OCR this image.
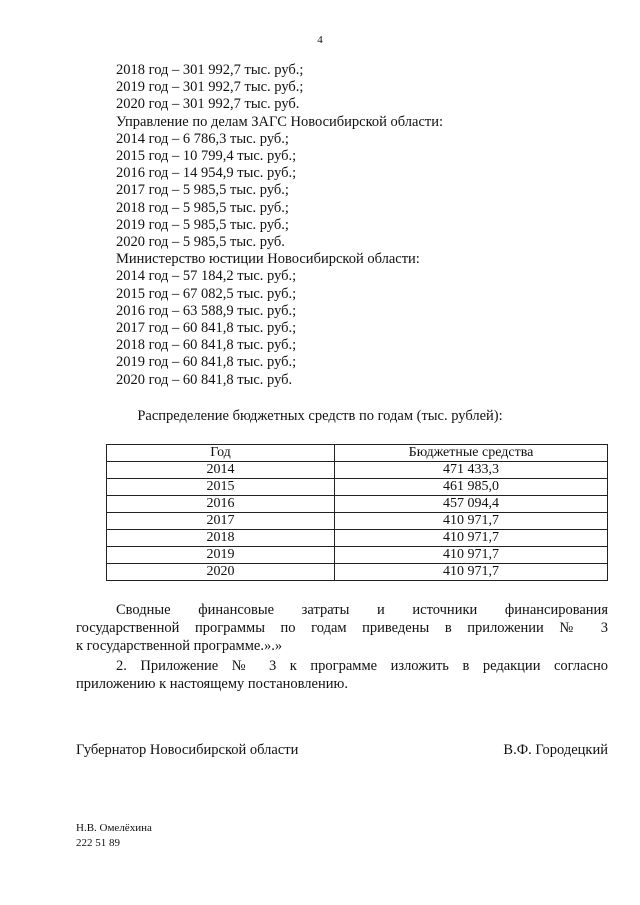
4
2018 год – 301 992,7 тыс. руб.;
2019 год – 301 992,7 тыс. руб.;
2020 год – 301 992,7 тыс. руб.
Управление по делам ЗАГС Новосибирской области:
2014 год – 6 786,3 тыс. руб.;
2015 год – 10 799,4 тыс. руб.;
2016 год – 14 954,9 тыс. руб.;
2017 год – 5 985,5 тыс. руб.;
2018 год – 5 985,5 тыс. руб.;
2019 год – 5 985,5 тыс. руб.;
2020 год – 5 985,5 тыс. руб.
Министерство юстиции Новосибирской области:
2014 год – 57 184,2 тыс. руб.;
2015 год – 67 082,5 тыс. руб.;
2016 год – 63 588,9 тыс. руб.;
2017 год – 60 841,8 тыс. руб.;
2018 год – 60 841,8 тыс. руб.;
2019 год – 60 841,8 тыс. руб.;
2020 год – 60 841,8 тыс. руб.
Распределение бюджетных средств по годам (тыс. рублей):
Год	Бюджетные средства
2014	471 433,3
2015	461 985,0
2016	457 094,4
2017	410 971,7
2018	410 971,7
2019	410 971,7
2020	410 971,7
Сводные финансовые затраты и источники финансирования
государственной программы по годам приведены в приложении № 3
к государственной программе.».»
2. Приложение № 3 к программе изложить в редакции согласно
приложению к настоящему постановлению.
Губернатор Новосибирской области	В.Ф. Городецкий
Н.В. Омелёхина
222 51 89
